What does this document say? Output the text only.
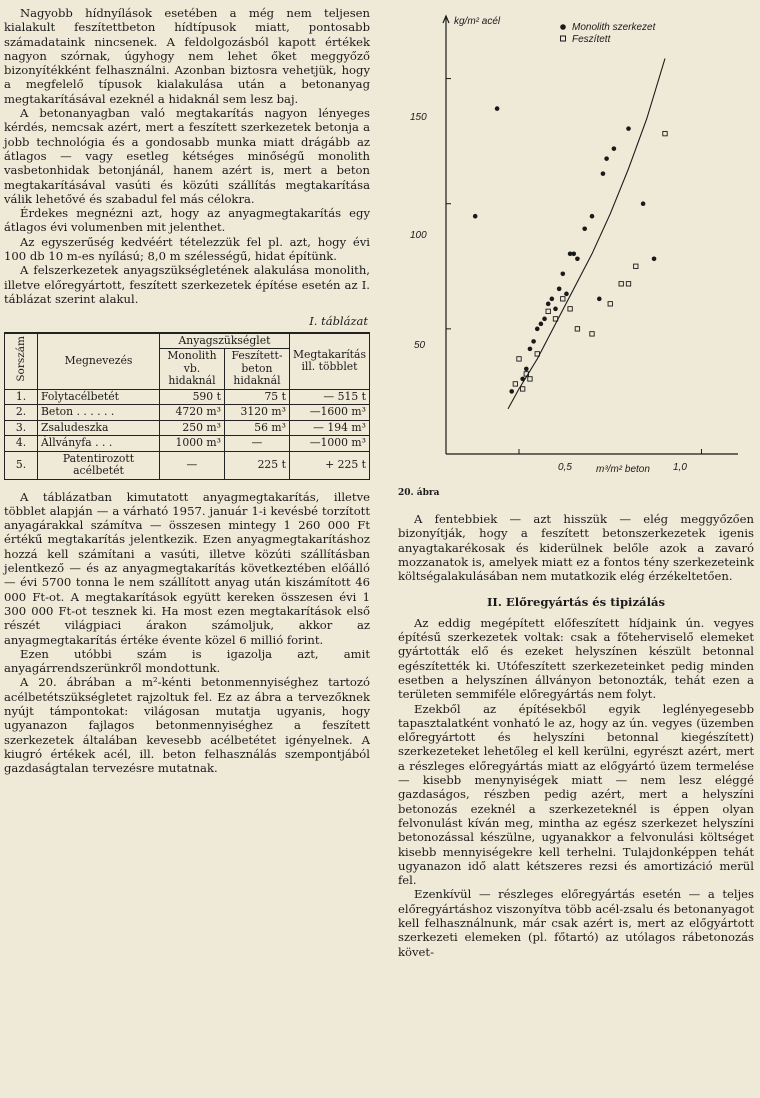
Nagyobb hídnyílások esetében a még nem teljesen kialakult feszítettbeton hídtípusok miatt, pontosabb számadataink nincsenek. A feldolgozásból kapott értékek nagyon szórnak, úgyhogy nem lehet őket meggyőző bizonyítékként felhasználni. Azonban biztosra vehetjük, hogy a megfelelő típusok kialakulása után a betonanyag megtakarításával ezeknél a hidaknál sem lesz baj.

A betonanyagban való megtakarítás nagyon lényeges kérdés, nemcsak azért, mert a feszített szerkezetek betonja a jobb technológia és a gondosabb munka miatt drágább az átlagos — vagy esetleg kétséges minőségű monolith vasbetonhidak betonjánál, hanem azért is, mert a beton megtakarításával vasúti és közúti szállítás megtakarítása válik lehetővé és szabadul fel más célokra.

Érdekes megnézni azt, hogy az anyagmegtakarítás egy átlagos évi volumenben mit jelenthet.

Az egyszerűség kedvéért tételezzük fel pl. azt, hogy évi 100 db 10 m-es nyílású; 8,0 m szélességű, hidat építünk.

A felszerkezetek anyagszükségletének alakulása monolith, illetve előregyártott, feszített szerkezetek építése esetén az I. táblázat szerint alakul.

I. táblázat
Sorszám	Megnevezés	Anyagszükséglet		Megtakarítás ill. többlet
		Monolith vb. hidaknál	Feszített-beton hidaknál	
1.	Folytacélbetét	590 t	75 t	— 515 t
2.	Beton . . . . . .	4720 m³	3120 m³	—1600 m³
3.	Zsaludeszka	250 m³	56 m³	— 194 m³
4.	Állványfa . . .	1000 m³	—	—1000 m³
5.	Patentirozott acélbetét	—	225 t	+ 225 t

A táblázatban kimutatott anyagmegtakarítás, illetve többlet alapján — a várható 1957. január 1-i kevésbé torzított anyagárakkal számítva — összesen mintegy 1 260 000 Ft értékű megtakarítás jelentkezik. Ezen anyagmegtakarításhoz hozzá kell számítani a vasúti, illetve közúti szállításban jelentkező — és az anyagmegtakarítás következtében előálló — évi 5700 tonna le nem szállított anyag után kiszámított 46 000 Ft-ot. A megtakarítások együtt kereken összesen évi 1 300 000 Ft-ot tesznek ki. Ha most ezen megtakarítások első részét világpiaci árakon számoljuk, akkor az anyagmegtakarítás értéke évente közel 6 millió forint.

Ezen utóbbi szám is igazolja azt, amit anyagárrendszerünkről mondottunk.

A 20. ábrában a m²-kénti betonmennyiséghez tartozó acélbetétszükségletet rajzoltuk fel. Ez az ábra a tervezőknek nyújt támpontokat: világosan mutatja ugyanis, hogy ugyanazon fajlagos betonmennyiséghez a feszített szerkezetek általában kevesebb acélbetétet igényelnek. A kiugró értékek acél, ill. beton felhasználás szempontjából gazdaságtalan tervezésre mutatnak.

kg/m² acél
m³/m² beton
150
100
50
0,5	1,0
Monolith szerkezet
Feszített
20. ábra

A fentebbiek — azt hisszük — elég meggyőzően bizonyítják, hogy a feszített betonszerkezetek igenis anyagtakarékosak és kiderülnek belőle azok a zavaró mozzanatok is, amelyek miatt ez a fontos tény szerkezeteink költségalakulásában nem mutatkozik elég érzékeltetően.

II. Előregyártás és tipizálás

Az eddig megépített előfeszített hídjaink ún. vegyes építésű szerkezetek voltak: csak a főteherviselő elemeket gyártották elő és ezeket helyszínen készült betonnal egészítették ki. Utófeszített szerkezeteinket pedig minden esetben a helyszínen állványon betonozták, tehát ezen a területen semmiféle előregyártás nem folyt.

Ezekből az építésekből egyik leglényegesebb tapasztalatként vonható le az, hogy az ún. vegyes (üzemben előregyártott és helyszíni betonnal kiegészített) szerkezeteket lehetőleg el kell kerülni, egyrészt azért, mert a részleges előregyártás miatt az előgyártó üzem termelése — kisebb menynyiségek miatt — nem lesz eléggé gazdaságos, részben pedig azért, mert a helyszíni betonozás ezeknél a szerkezeteknél is éppen olyan felvonulást kíván meg, mintha az egész szerkezet helyszíni betonozással készülne, ugyanakkor a felvonulási költséget kisebb mennyiségekre kell terhelni. Tulajdonképpen tehát ugyanazon idő alatt kétszeres rezsi és amortizáció merül fel.

Ezenkívül — részleges előregyártás esetén — a teljes előregyártáshoz viszonyítva több acél-zsalu és betonanyagot kell felhasználnunk, már csak azért is, mert az előgyártott szerkezeti elemeken (pl. főtartó) az utólagos rábetonozás követ-
